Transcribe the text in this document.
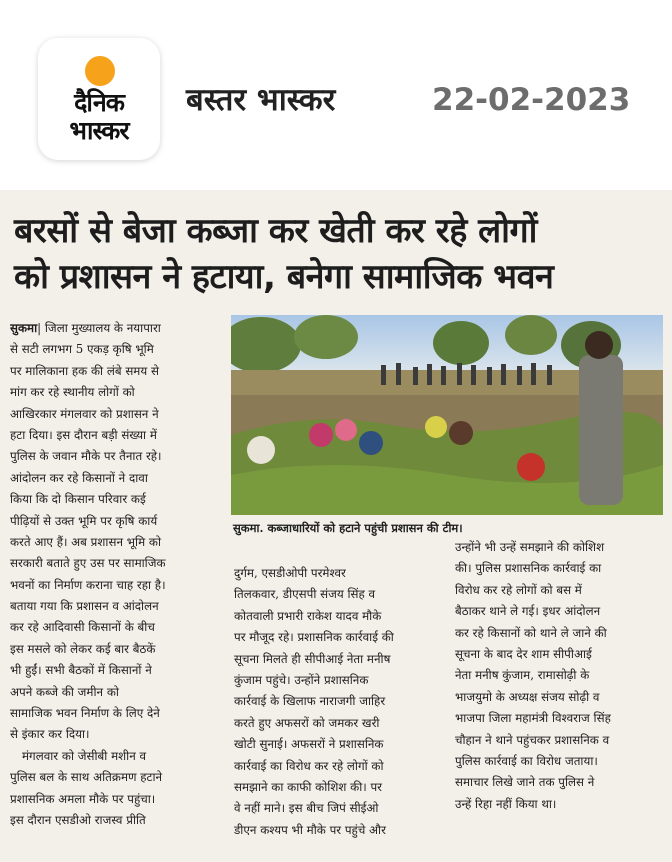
दैनिक
भास्कर
बस्तर भास्कर	22-02-2023
बरसों से बेजा कब्जा कर खेती कर रहे लोगों
को प्रशासन ने हटाया, बनेगा सामाजिक भवन
सुकमा| जिला मुख्यालय के नयापारा
से सटी लगभग 5 एकड़ कृषि भूमि
पर मालिकाना हक की लंबे समय से
मांग कर रहे स्थानीय लोगों को
आखिरकार मंगलवार को प्रशासन ने
हटा दिया। इस दौरान बड़ी संख्या में
पुलिस के जवान मौके पर तैनात रहे।
आंदोलन कर रहे किसानों ने दावा
किया कि दो किसान परिवार कई
पीढ़ियों से उक्त भूमि पर कृषि कार्य
करते आए हैं। अब प्रशासन भूमि को
सरकारी बताते हुए उस पर सामाजिक
भवनों का निर्माण कराना चाह रहा है।
बताया गया कि प्रशासन व आंदोलन
कर रहे आदिवासी किसानों के बीच
इस मसले को लेकर कई बार बैठकें
भी हुईं। सभी बैठकों में किसानों ने
अपने कब्जे की जमीन को
सामाजिक भवन निर्माण के लिए देने
से इंकार कर दिया।
मंगलवार को जेसीबी मशीन व
पुलिस बल के साथ अतिक्रमण हटाने
प्रशासनिक अमला मौके पर पहुंचा।
इस दौरान एसडीओ राजस्व प्रीति
सुकमा. कब्जाधारियों को हटाने पहुंची प्रशासन की टीम।
दुर्गम, एसडीओपी परमेश्वर
तिलकवार, डीएसपी संजय सिंह व
कोतवाली प्रभारी राकेश यादव मौके
पर मौजूद रहे। प्रशासनिक कार्रवाई की
सूचना मिलते ही सीपीआई नेता मनीष
कुंजाम पहुंचे। उन्होंने प्रशासनिक
कार्रवाई के खिलाफ नाराजगी जाहिर
करते हुए अफसरों को जमकर खरी
खोटी सुनाई। अफसरों ने प्रशासनिक
कार्रवाई का विरोध कर रहे लोगों को
समझाने का काफी कोशिश की। पर
वे नहीं माने। इस बीच जिपं सीईओ
डीएन कश्यप भी मौके पर पहुंचे और
उन्होंने भी उन्हें समझाने की कोशिश
की। पुलिस प्रशासनिक कार्रवाई का
विरोध कर रहे लोगों को बस में
बैठाकर थाने ले गई। इधर आंदोलन
कर रहे किसानों को थाने ले जाने की
सूचना के बाद देर शाम सीपीआई
नेता मनीष कुंजाम, रामासोढ़ी के
भाजयुमो के अध्यक्ष संजय सोढ़ी व
भाजपा जिला महामंत्री विश्वराज सिंह
चौहान ने थाने पहुंचकर प्रशासनिक व
पुलिस कार्रवाई का विरोध जताया।
समाचार लिखे जाने तक पुलिस ने
उन्हें रिहा नहीं किया था।
